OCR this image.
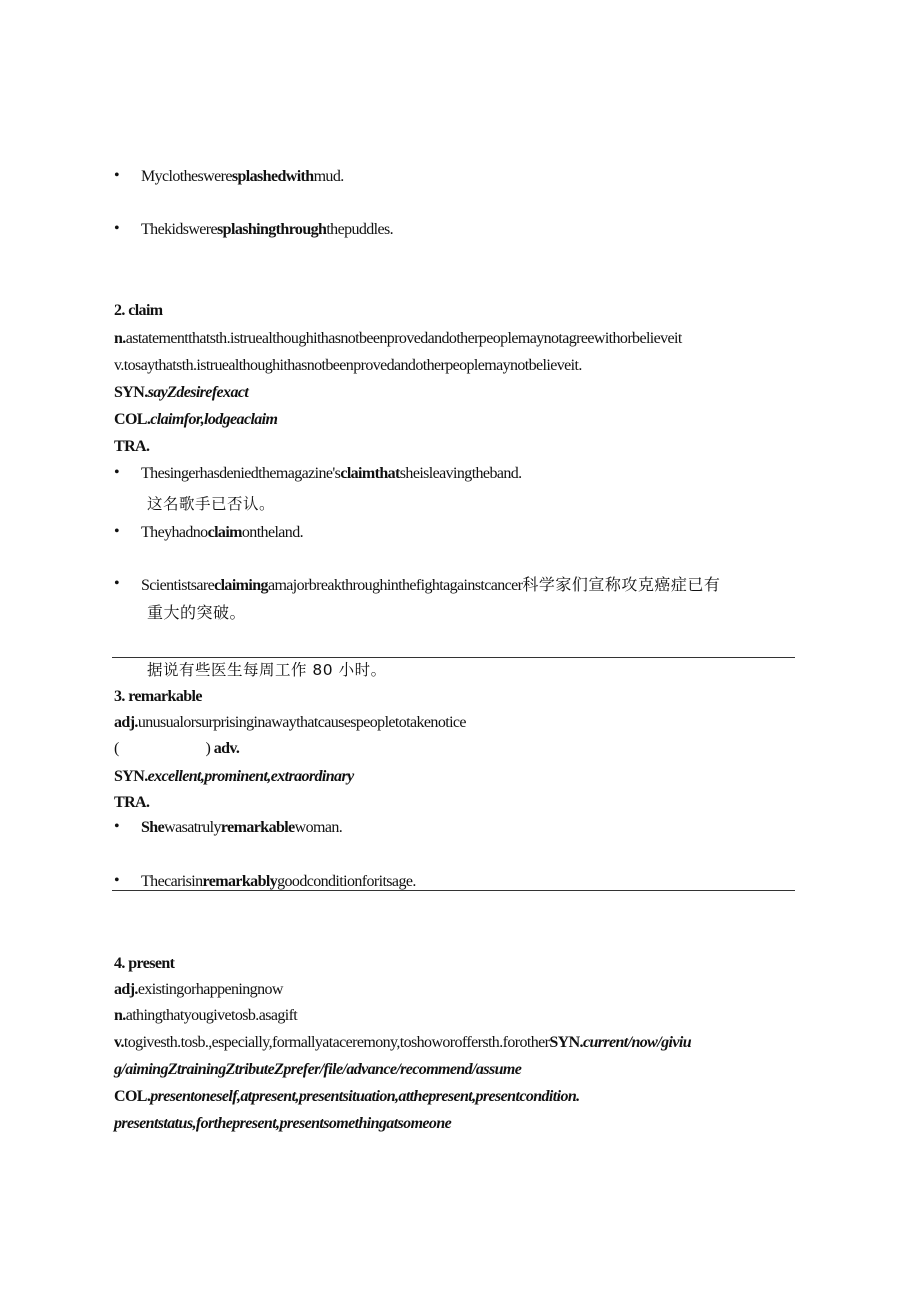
•	Myclothesweresplashedwithmud.
•	Thekidsweresplashingthroughthepuddles.
2. claim
n.astatementthatsth.istruealthoughithasnotbeenprovedandotherpeoplemaynotagreewithorbelieveit
v.tosaythatsth.istruealthoughithasnotbeenprovedandotherpeoplemaynotbelieveit.
SYN.sayZdesirefexact
COL.claimfor,lodgeaclaim
TRA.
•	Thesingerhasdeniedthemagazine'sclaimthatsheisleavingtheband.
这名歌手已否认。
•	Theyhadnoclaimontheland.
•	Scientistsareclaimingamajorbreakthroughinthefightagainstcancer科学家们宣称攻克癌症已有
重大的突破。
据说有些医生每周工作 80 小时。
3. remarkable
adj.unusualorsurprisinginawaythatcausespeopletotakenotice
(	) adv.
SYN.excellent,prominent,extraordinary
TRA.
•	Shewasatrulyremarkablewoman.
•	Thecarisinremarkablygoodconditionforitsage.
4. present
adj.existingorhappeningnow
n.athingthatyougivetosb.asagift
v.togivesth.tosb.,especially,formallyataceremony,toshoworoffersth.forotherSYN.current/now/giviu
g/aimingZtrainingZtributeZprefer/file/advance/recommend/assume
COL.presentoneself,atpresent,presentsituation,atthepresent,presentcondition.
presentstatus,forthepresent,presentsomethingatsomeone
